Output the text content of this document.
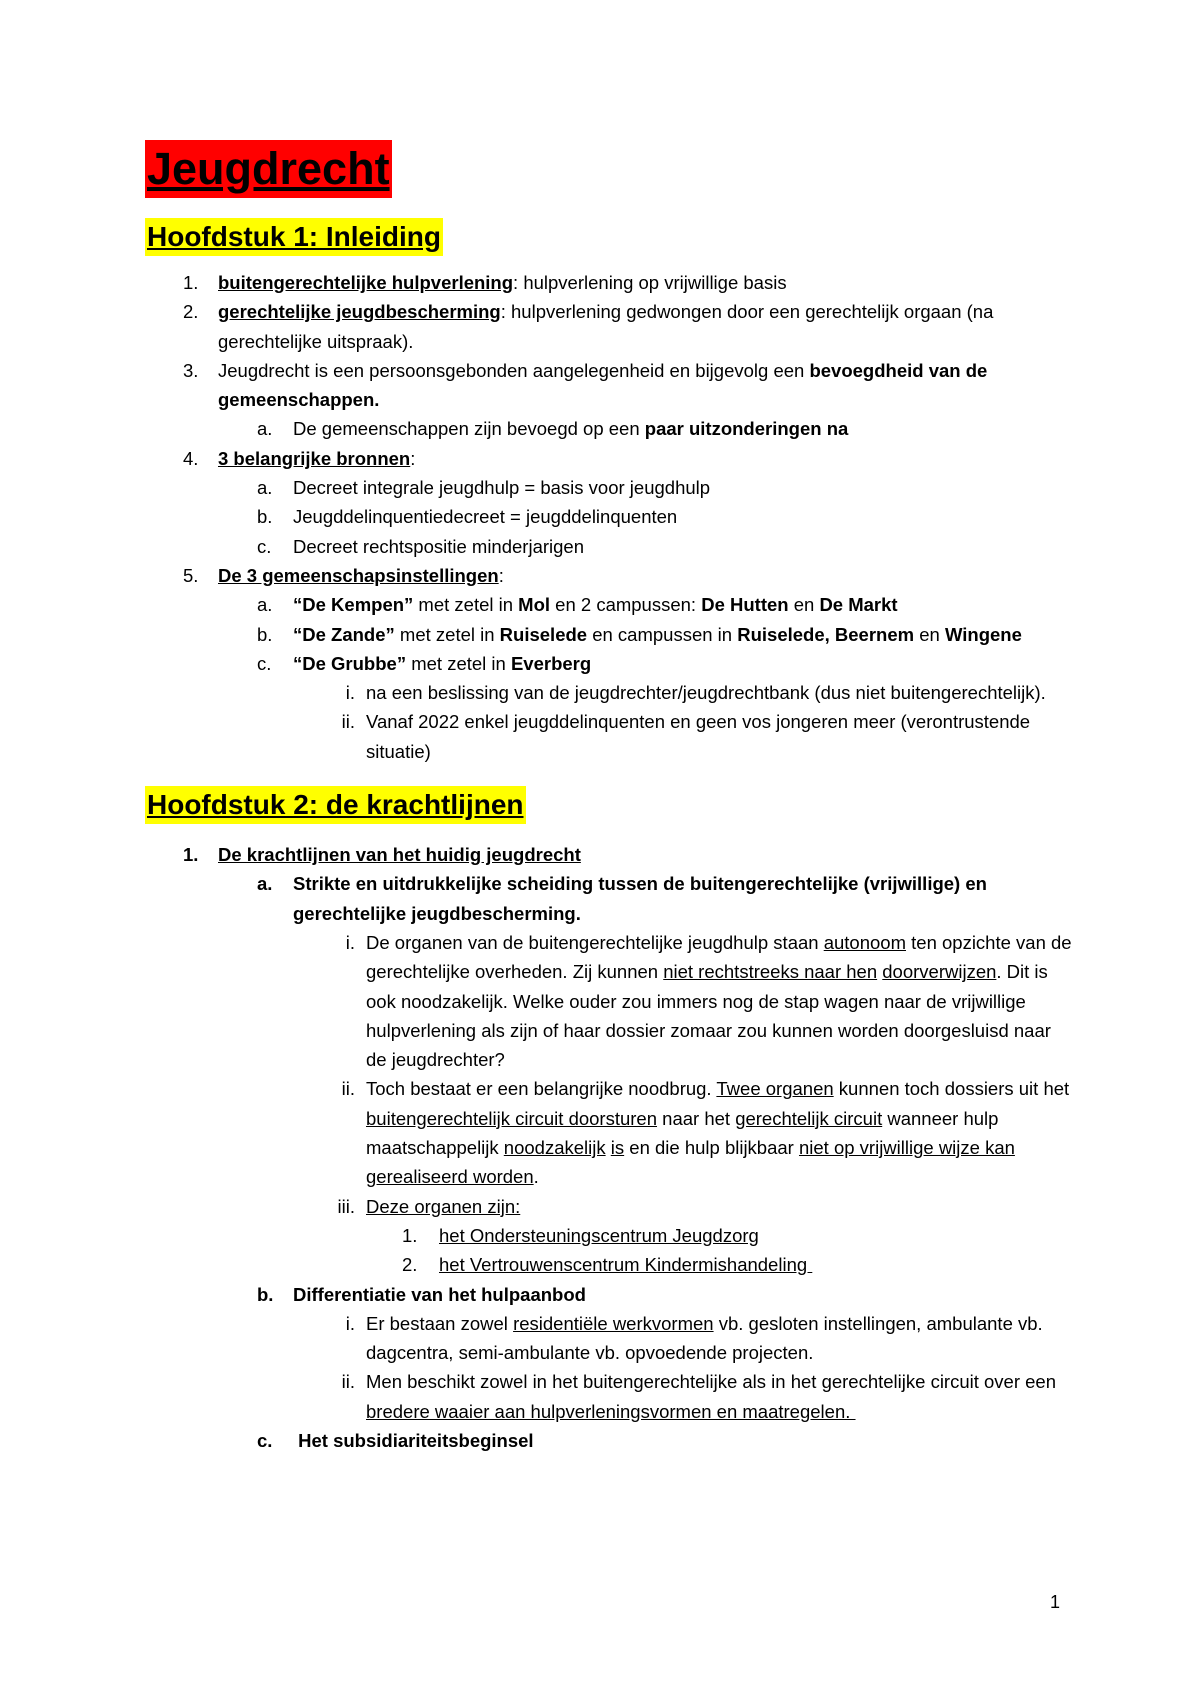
Jeugdrecht
Hoofdstuk 1: Inleiding
1. buitengerechtelijke hulpverlening: hulpverlening op vrijwillige basis
2. gerechtelijke jeugdbescherming: hulpverlening gedwongen door een gerechtelijk orgaan (na gerechtelijke uitspraak).
3. Jeugdrecht is een persoonsgebonden aangelegenheid en bijgevolg een bevoegdheid van de gemeenschappen.
a. De gemeenschappen zijn bevoegd op een paar uitzonderingen na
4. 3 belangrijke bronnen:
a. Decreet integrale jeugdhulp = basis voor jeugdhulp
b. Jeugddelinquentiedecreet = jeugddelinquenten
c. Decreet rechtspositie minderjarigen
5. De 3 gemeenschapsinstellingen:
a. “De Kempen” met zetel in Mol en 2 campussen: De Hutten en De Markt
b. “De Zande” met zetel in Ruiselede en campussen in Ruiselede, Beernem en Wingene
c. “De Grubbe” met zetel in Everberg
i. na een beslissing van de jeugdrechter/jeugdrechtbank (dus niet buitengerechtelijk).
ii. Vanaf 2022 enkel jeugddelinquenten en geen vos jongeren meer (verontrustende situatie)
Hoofdstuk 2: de krachtlijnen
1. De krachtlijnen van het huidig jeugdrecht
a. Strikte en uitdrukkelijke scheiding tussen de buitengerechtelijke (vrijwillige) en gerechtelijke jeugdbescherming.
i. De organen van de buitengerechtelijke jeugdhulp staan autonoom ten opzichte van de gerechtelijke overheden. Zij kunnen niet rechtstreeks naar hen doorverwijzen. Dit is ook noodzakelijk. Welke ouder zou immers nog de stap wagen naar de vrijwillige hulpverlening als zijn of haar dossier zomaar zou kunnen worden doorgesluisd naar de jeugdrechter?
ii. Toch bestaat er een belangrijke noodbrug. Twee organen kunnen toch dossiers uit het buitengerechtelijk circuit doorsturen naar het gerechtelijk circuit wanneer hulp maatschappelijk noodzakelijk is en die hulp blijkbaar niet op vrijwillige wijze kan gerealiseerd worden.
iii. Deze organen zijn:
1. het Ondersteuningscentrum Jeugdzorg
2. het Vertrouwenscentrum Kindermishandeling
b. Differentiatie van het hulpaanbod
i. Er bestaan zowel residentiële werkvormen vb. gesloten instellingen, ambulante vb. dagcentra, semi-ambulante vb. opvoedende projecten.
ii. Men beschikt zowel in het buitengerechtelijke als in het gerechtelijke circuit over een bredere waaier aan hulpverleningsvormen en maatregelen.
c. Het subsidiariteitsbeginsel
1
